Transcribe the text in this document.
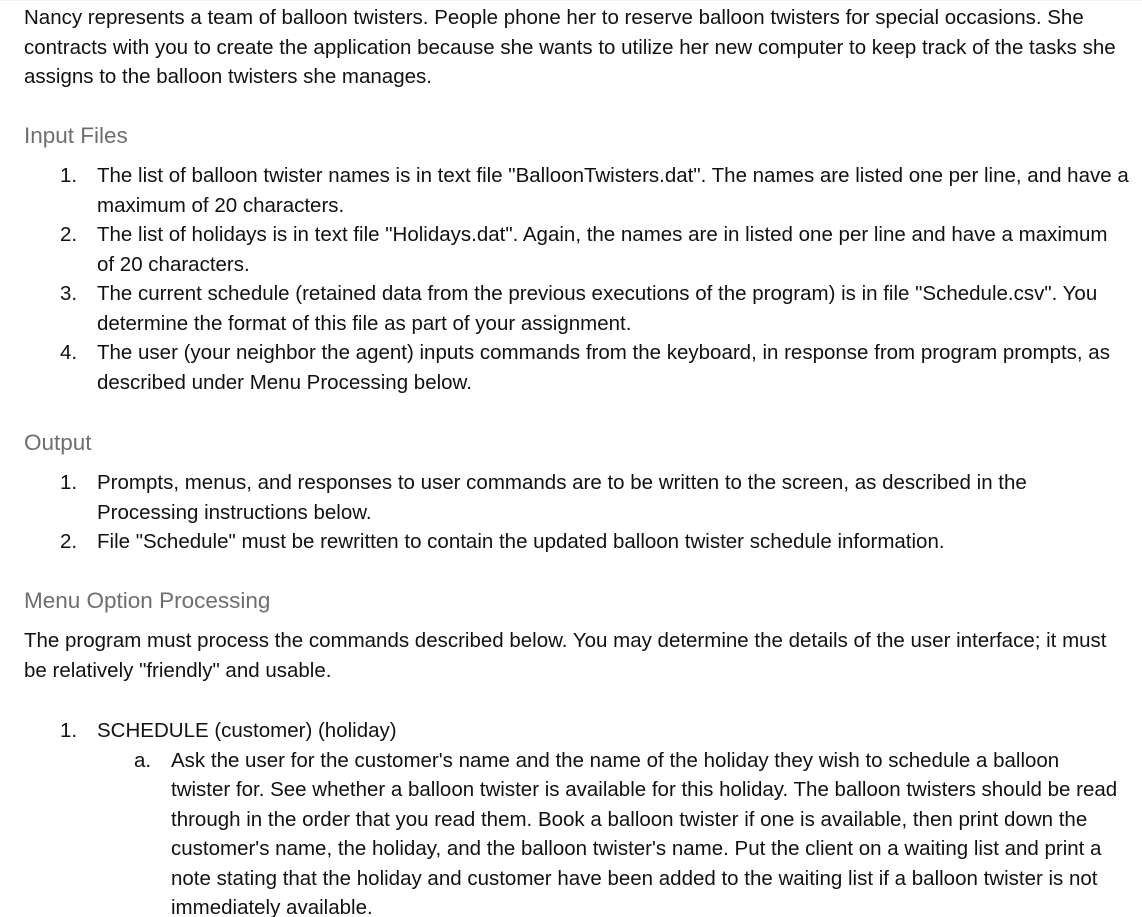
Nancy represents a team of balloon twisters. People phone her to reserve balloon twisters for special occasions. She contracts with you to create the application because she wants to utilize her new computer to keep track of the tasks she assigns to the balloon twisters she manages.

Input Files
1. The list of balloon twister names is in text file "BalloonTwisters.dat". The names are listed one per line, and have a maximum of 20 characters.
2. The list of holidays is in text file "Holidays.dat". Again, the names are in listed one per line and have a maximum of 20 characters.
3. The current schedule (retained data from the previous executions of the program) is in file "Schedule.csv". You determine the format of this file as part of your assignment.
4. The user (your neighbor the agent) inputs commands from the keyboard, in response from program prompts, as described under Menu Processing below.
Output
1. Prompts, menus, and responses to user commands are to be written to the screen, as described in the Processing instructions below.
2. File "Schedule" must be rewritten to contain the updated balloon twister schedule information.
Menu Option Processing

The program must process the commands described below. You may determine the details of the user interface; it must be relatively "friendly" and usable.

1. SCHEDULE (customer) (holiday)
a. Ask the user for the customer's name and the name of the holiday they wish to schedule a balloon twister for. See whether a balloon twister is available for this holiday. The balloon twisters should be read through in the order that you read them. Book a balloon twister if one is available, then print down the customer's name, the holiday, and the balloon twister's name. Put the client on a waiting list and print a note stating that the holiday and customer have been added to the waiting list if a balloon twister is not immediately available.
